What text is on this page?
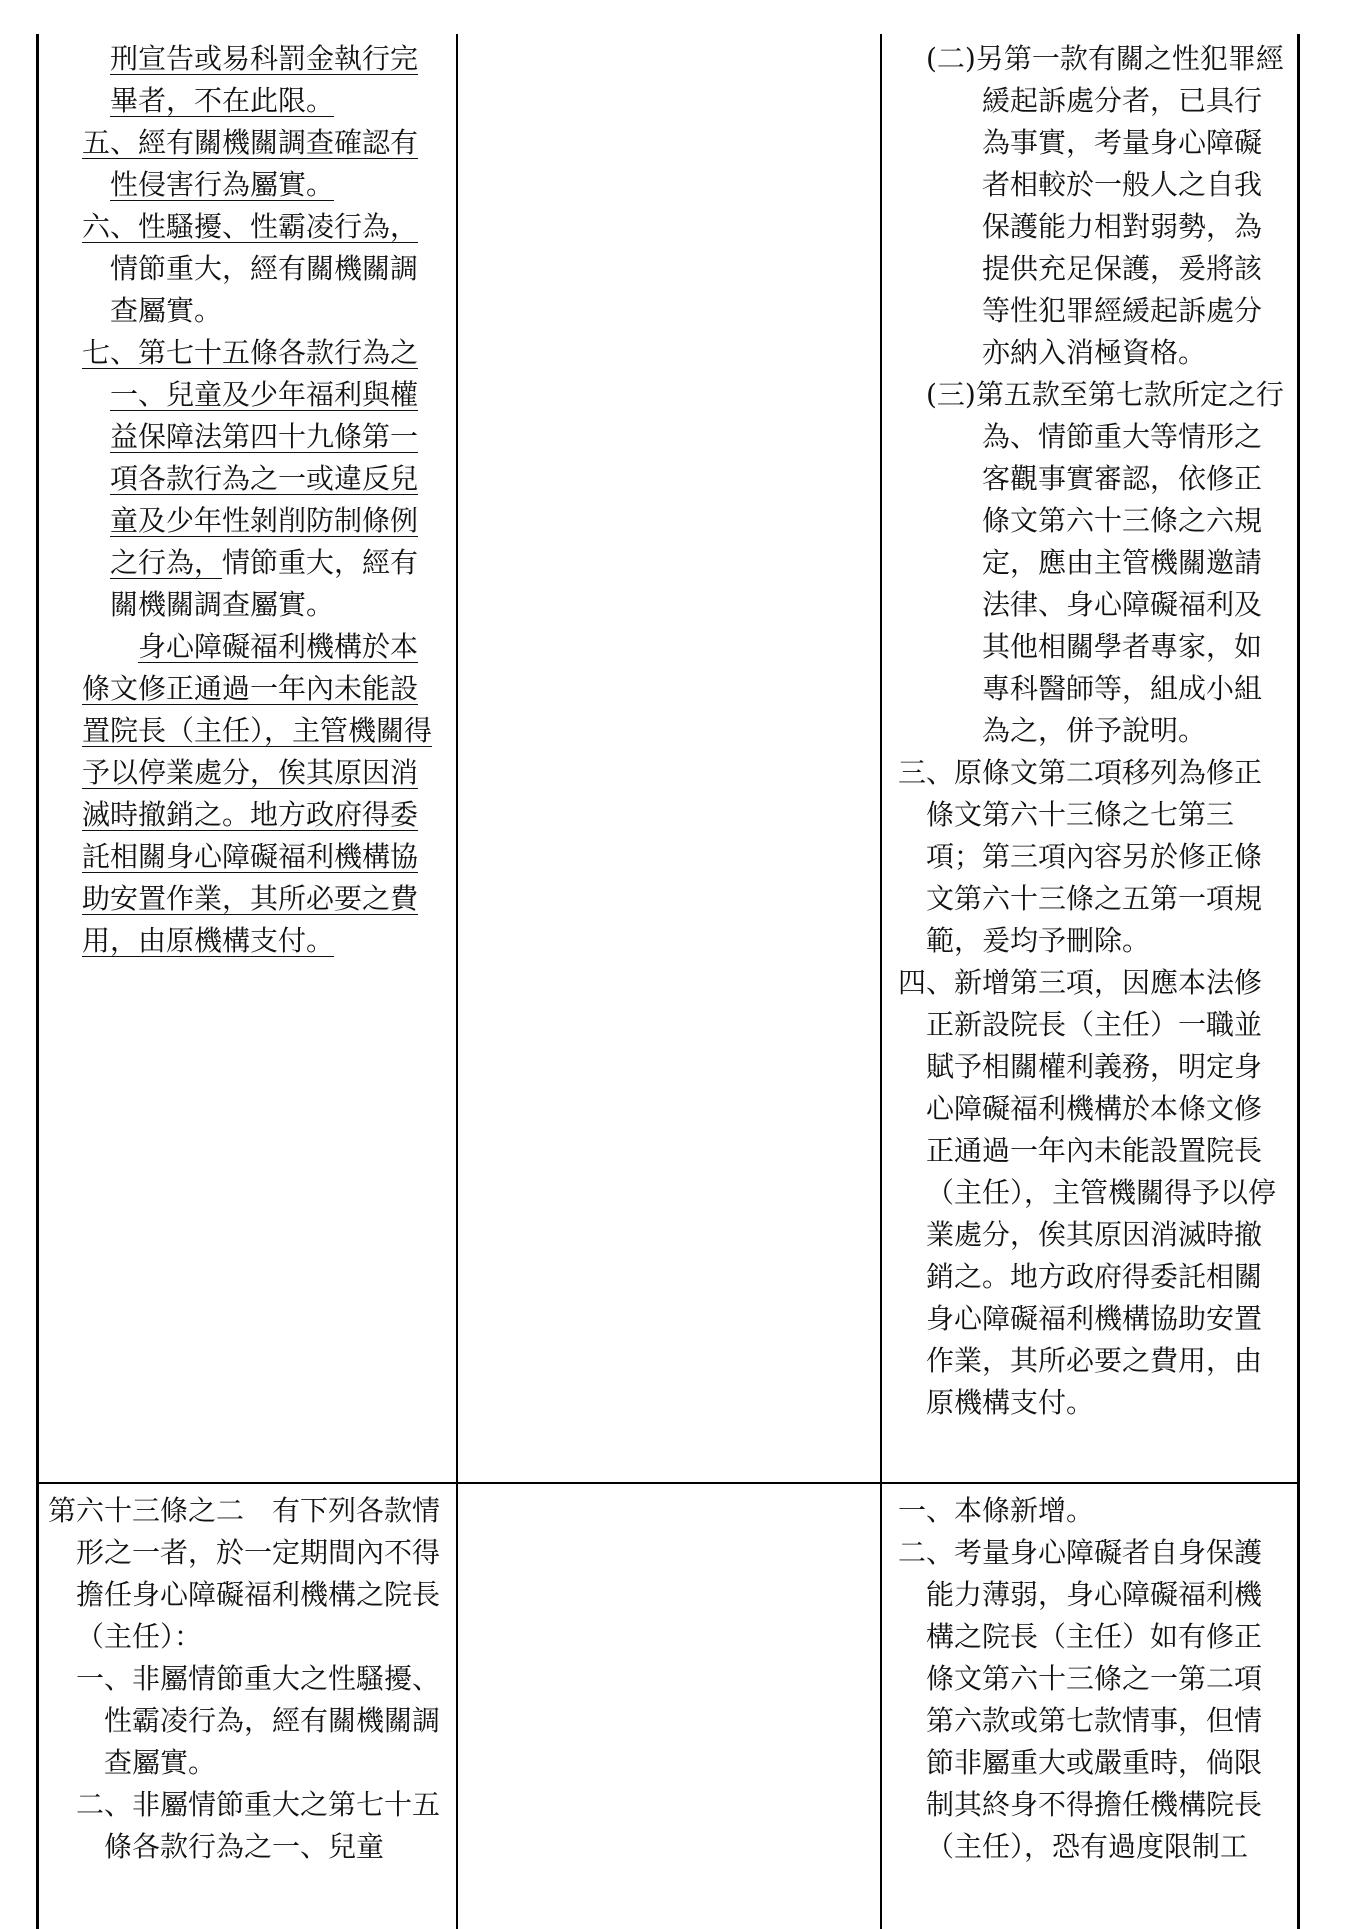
刑宣告或易科罰金執行完畢者，不在此限。

五、經有關機關調查確認有性侵害行為屬實。

六、性騷擾、性霸凌行為，情節重大，經有關機關調查屬實。

七、第七十五條各款行為之一、兒童及少年福利與權益保障法第四十九條第一項各款行為之一或違反兒童及少年性剝削防制條例之行為，情節重大，經有關機關調查屬實。

身心障礙福利機構於本條文修正通過一年內未能設置院長（主任），主管機關得予以停業處分，俟其原因消滅時撤銷之。地方政府得委託相關身心障礙福利機構協助安置作業，其所必要之費用，由原機構支付。

(二)另第一款有關之性犯罪經緩起訴處分者，已具行為事實，考量身心障礙者相較於一般人之自我保護能力相對弱勢，為提供充足保護，爰將該等性犯罪經緩起訴處分亦納入消極資格。

(三)第五款至第七款所定之行為、情節重大等情形之客觀事實審認，依修正條文第六十三條之六規定，應由主管機關邀請法律、身心障礙福利及其他相關學者專家，如專科醫師等，組成小組為之，併予說明。

三、原條文第二項移列為修正條文第六十三條之七第三項；第三項內容另於修正條文第六十三條之五第一項規範，爰均予刪除。

四、新增第三項，因應本法修正新設院長（主任）一職並賦予相關權利義務，明定身心障礙福利機構於本條文修正通過一年內未能設置院長（主任），主管機關得予以停業處分，俟其原因消滅時撤銷之。地方政府得委託相關身心障礙福利機構協助安置作業，其所必要之費用，由原機構支付。

第六十三條之二　有下列各款情形之一者，於一定期間內不得擔任身心障礙福利機構之院長（主任）：

一、非屬情節重大之性騷擾、性霸凌行為，經有關機關調查屬實。

二、非屬情節重大之第七十五條各款行為之一、兒童

一、本條新增。

二、考量身心障礙者自身保護能力薄弱，身心障礙福利機構之院長（主任）如有修正條文第六十三條之一第二項第六款或第七款情事，但情節非屬重大或嚴重時，倘限制其終身不得擔任機構院長（主任），恐有過度限制工
